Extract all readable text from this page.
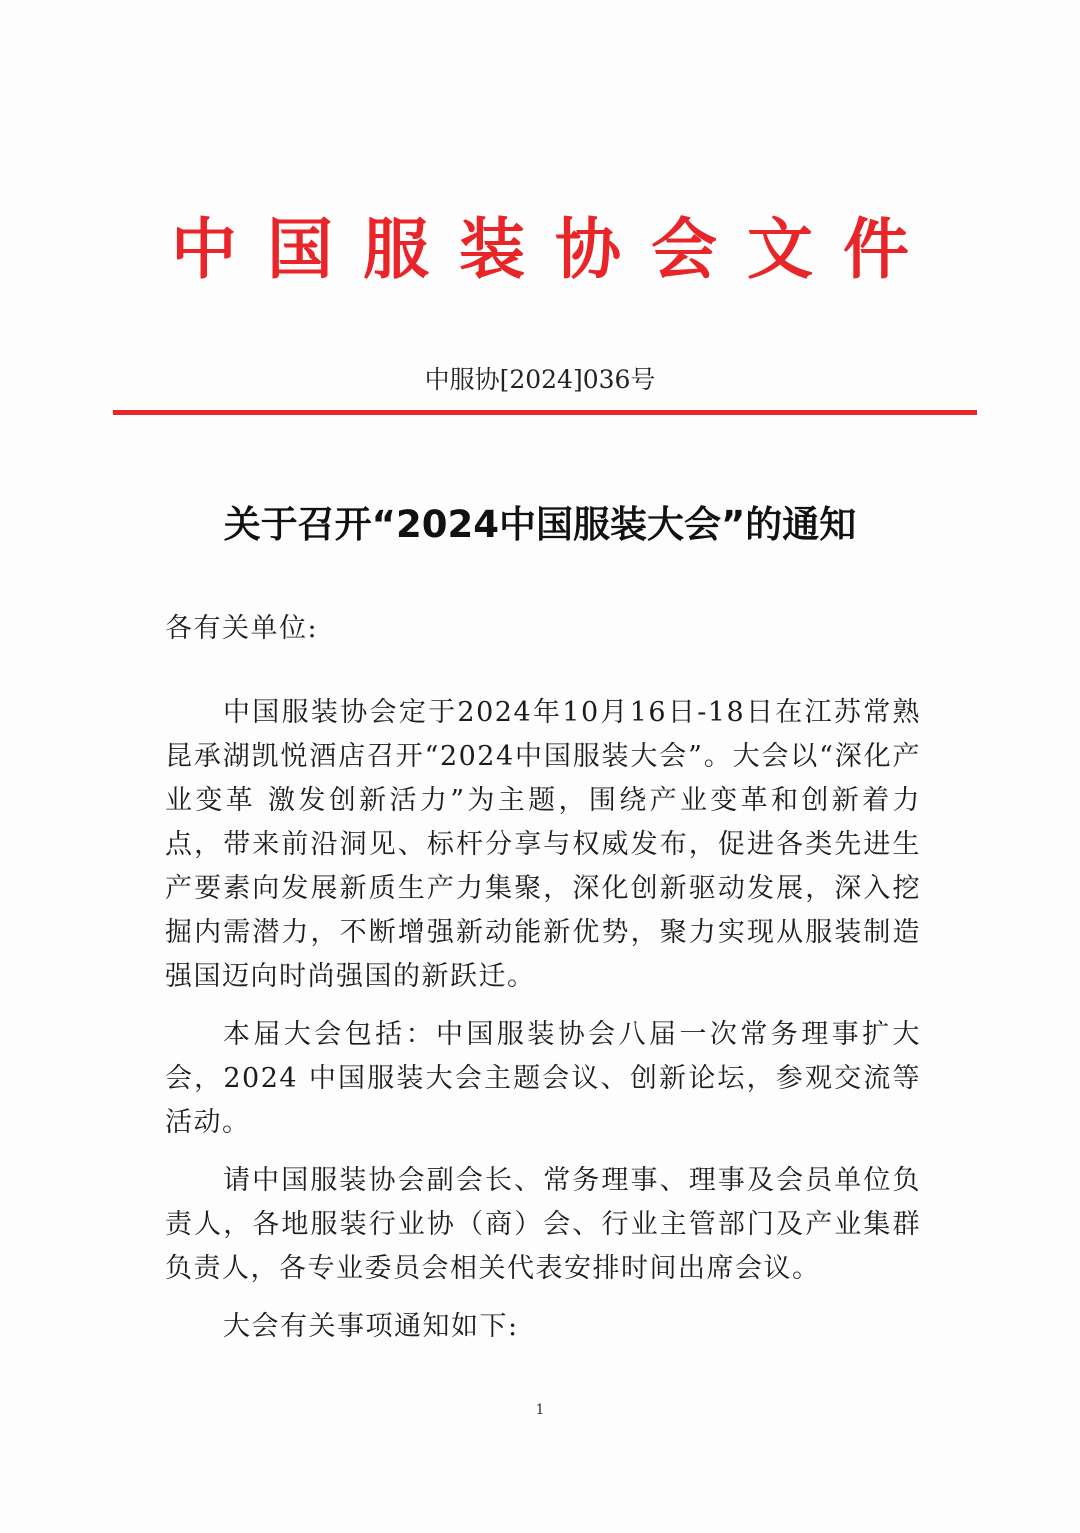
中国服装协会文件
中服协[2024]036号
关于召开“2024中国服装大会”的通知

各有关单位:

中国服装协会定于2024年10月16日-18日在江苏常熟昆承湖凯悦酒店召开“2024中国服装大会”。大会以“深化产业变革 激发创新活力”为主题，围绕产业变革和创新着力点，带来前沿洞见、标杆分享与权威发布，促进各类先进生产要素向发展新质生产力集聚，深化创新驱动发展，深入挖掘内需潜力，不断增强新动能新优势，聚力实现从服装制造强国迈向时尚强国的新跃迁。

本届大会包括：中国服装协会八届一次常务理事扩大会，2024 中国服装大会主题会议、创新论坛，参观交流等活动。

请中国服装协会副会长、常务理事、理事及会员单位负责人，各地服装行业协（商）会、行业主管部门及产业集群负责人，各专业委员会相关代表安排时间出席会议。

大会有关事项通知如下:

1
